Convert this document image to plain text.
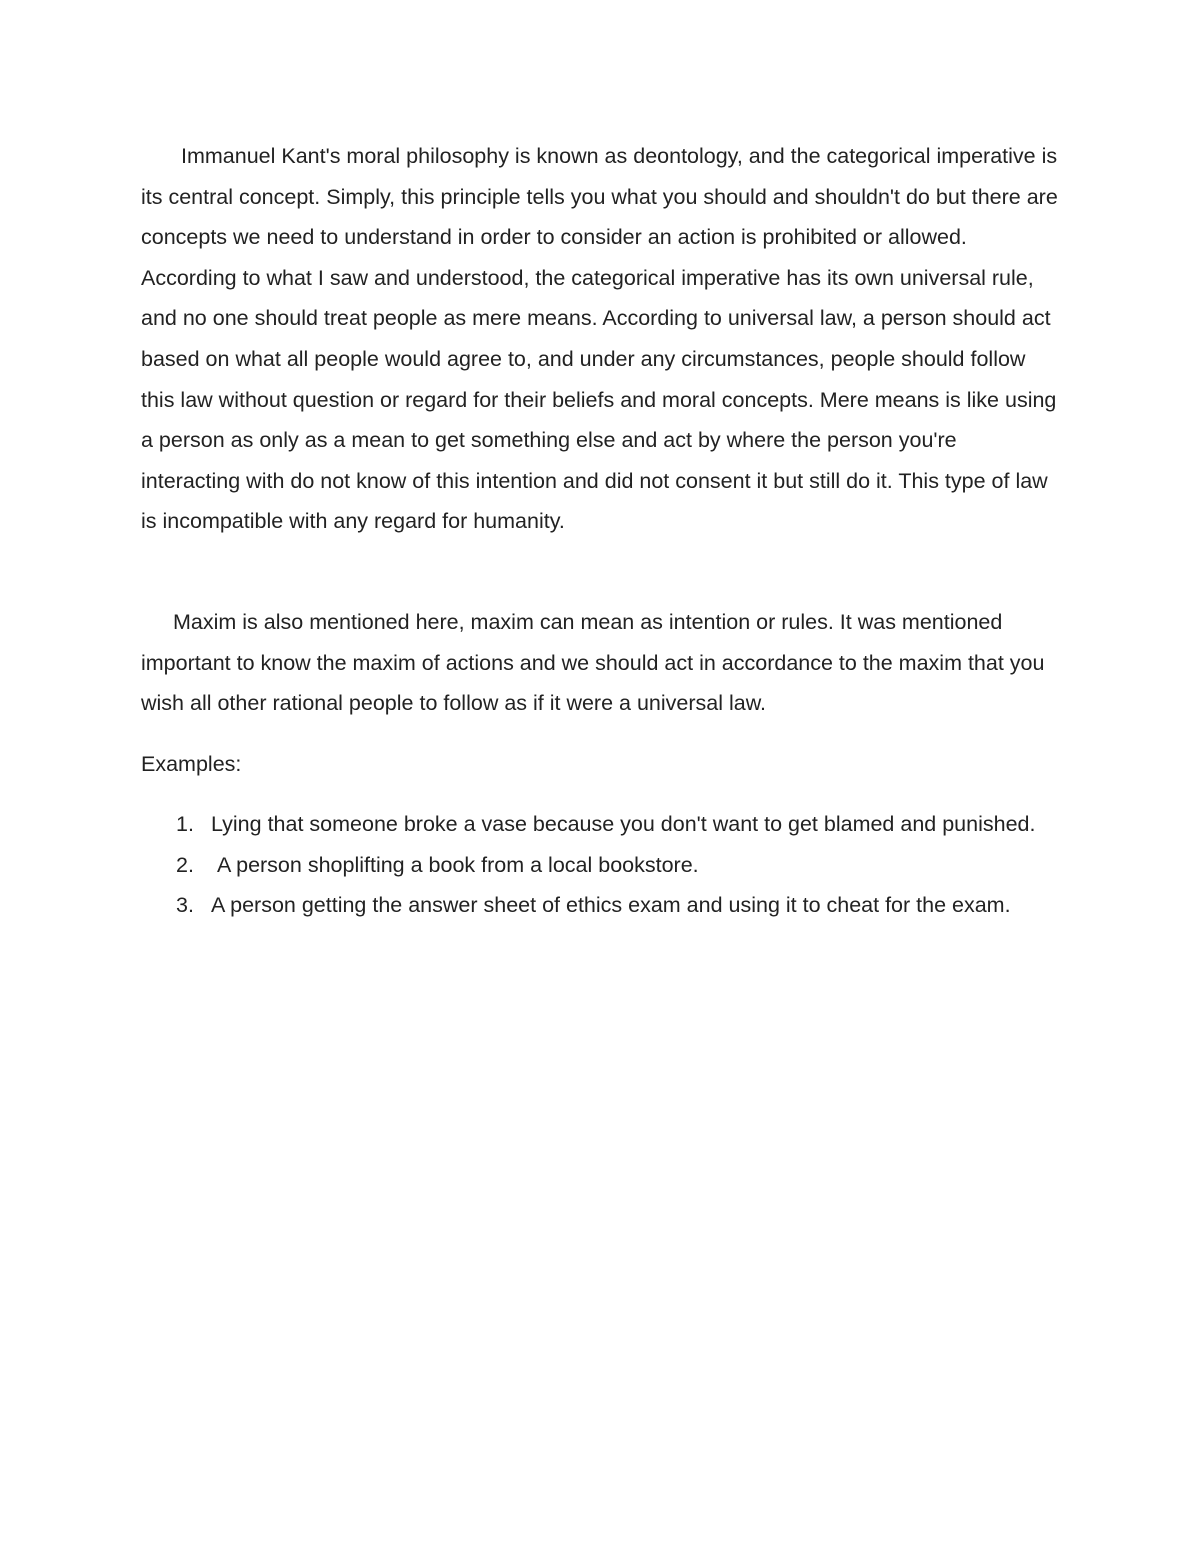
Immanuel Kant's moral philosophy is known as deontology, and the categorical imperative is its central concept. Simply, this principle tells you what you should and shouldn't do but there are concepts we need to understand in order to consider an action is prohibited or allowed. According to what I saw and understood, the categorical imperative has its own universal rule, and no one should treat people as mere means. According to universal law, a person should act based on what all people would agree to, and under any circumstances, people should follow this law without question or regard for their beliefs and moral concepts. Mere means is like using a person as only as a mean to get something else and act by where the person you're interacting with do not know of this intention and did not consent it but still do it. This type of law is incompatible with any regard for humanity.

Maxim is also mentioned here, maxim can mean as intention or rules. It was mentioned important to know the maxim of actions and we should act in accordance to the maxim that you wish all other rational people to follow as if it were a universal law.

Examples:

1. Lying that someone broke a vase because you don't want to get blamed and punished.
2. A person shoplifting a book from a local bookstore.
3. A person getting the answer sheet of ethics exam and using it to cheat for the exam.
